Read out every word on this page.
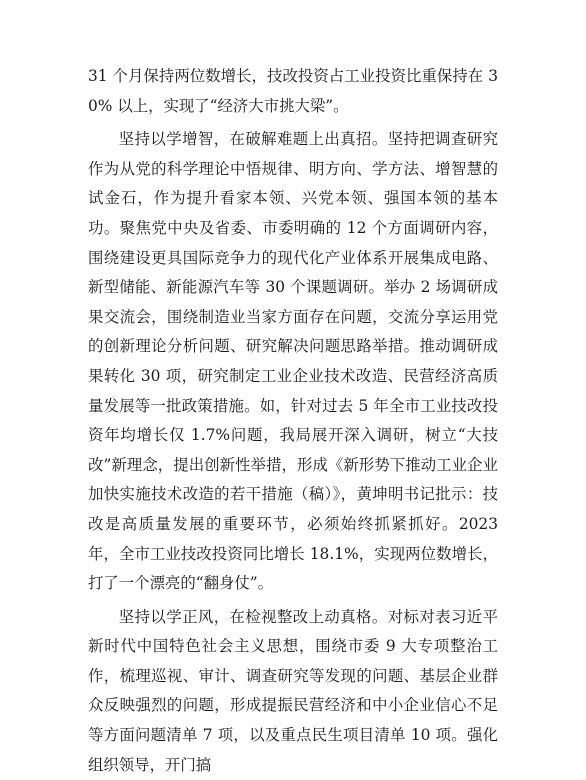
31 个月保持两位数增长，技改投资占工业投资比重保持在 30% 以上，实现了“经济大市挑大梁”。

坚持以学增智，在破解难题上出真招。坚持把调查研究作为从党的科学理论中悟规律、明方向、学方法、增智慧的试金石，作为提升看家本领、兴党本领、强国本领的基本功。聚焦党中央及省委、市委明确的 12 个方面调研内容，围绕建设更具国际竞争力的现代化产业体系开展集成电路、新型储能、新能源汽车等 30 个课题调研。举办 2 场调研成果交流会，围绕制造业当家方面存在问题，交流分享运用党的创新理论分析问题、研究解决问题思路举措。推动调研成果转化 30 项，研究制定工业企业技术改造、民营经济高质量发展等一批政策措施。如，针对过去 5 年全市工业技改投资年均增长仅 1.7%问题，我局展开深入调研，树立“大技改”新理念，提出创新性举措，形成《新形势下推动工业企业加快实施技术改造的若干措施（稿）》，黄坤明书记批示：技改是高质量发展的重要环节，必须始终抓紧抓好。2023 年，全市工业技改投资同比增长 18.1%，实现两位数增长，打了一个漂亮的“翻身仗”。

坚持以学正风，在检视整改上动真格。对标对表习近平新时代中国特色社会主义思想，围绕市委 9 大专项整治工作，梳理巡视、审计、调查研究等发现的问题、基层企业群众反映强烈的问题，形成提振民营经济和中小企业信心不足等方面问题清单 7 项，以及重点民生项目清单 10 项。强化组织领导，开门搞
